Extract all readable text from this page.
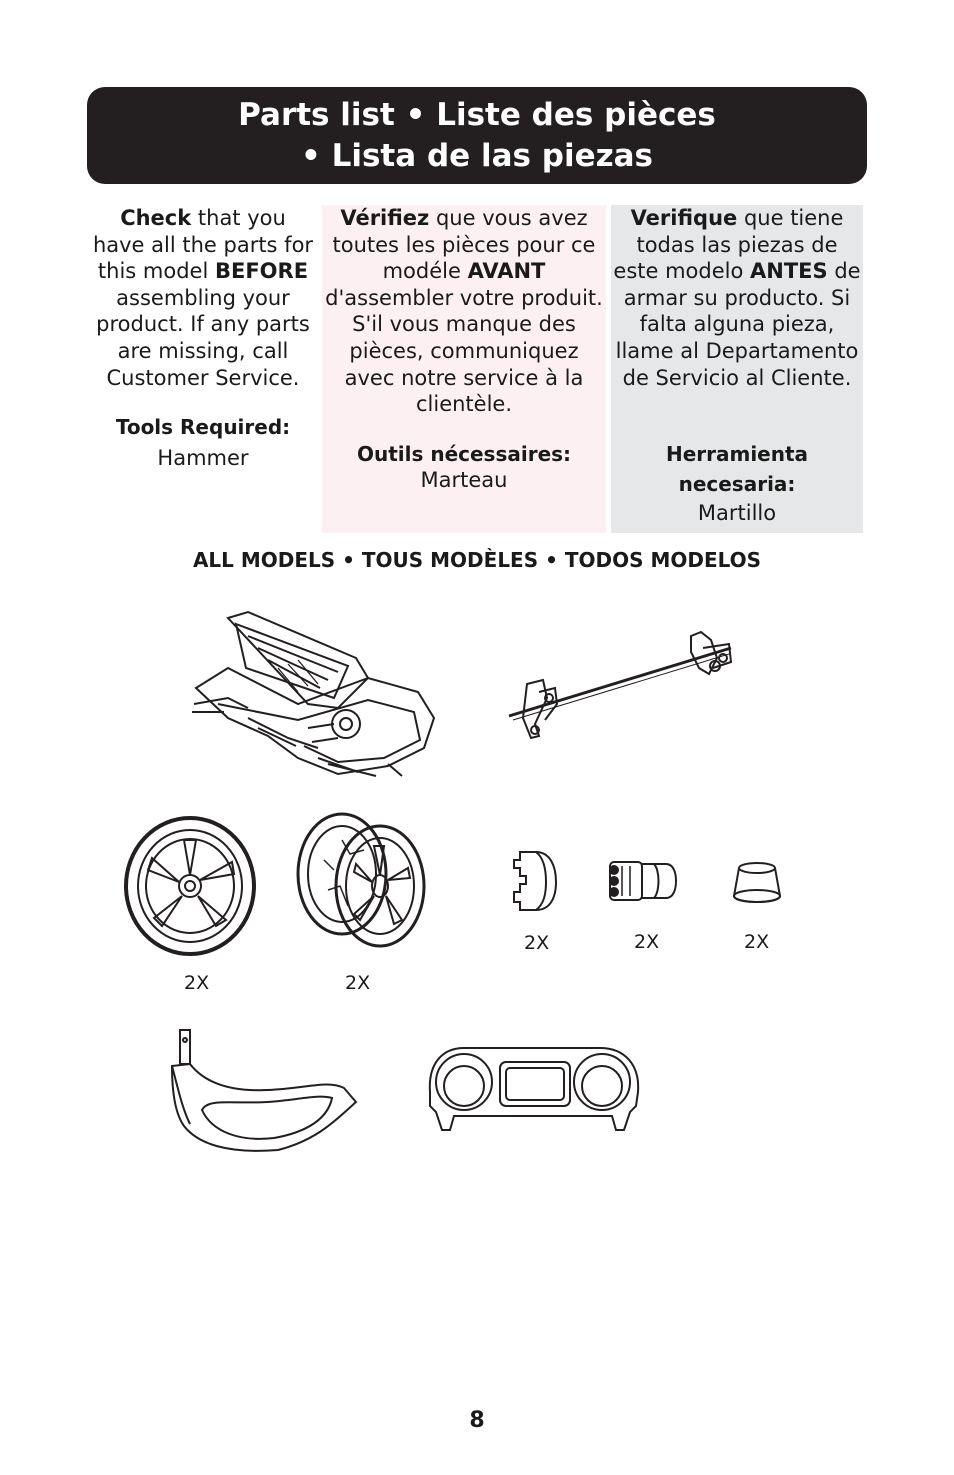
Parts list • Liste des pièces
• Lista de las piezas

Check that you have all the parts for this model BEFORE assembling your product. If any parts are missing, call Customer Service.

Tools Required:

Hammer

Vérifiez que vous avez toutes les pièces pour ce modéle AVANT d'assembler votre produit. S'il vous manque des pièces, communiquez avec notre service à la clientèle.

Outils nécessaires:

Marteau

Verifique que tiene todas las piezas de este modelo ANTES de armar su producto. Si falta alguna pieza, llame al Departamento de Servicio al Cliente.

Herramienta

necesaria:

Martillo

ALL MODELS • TOUS MODÈLES • TODOS MODELOS
2X	2X
2X	2X	2X
8
